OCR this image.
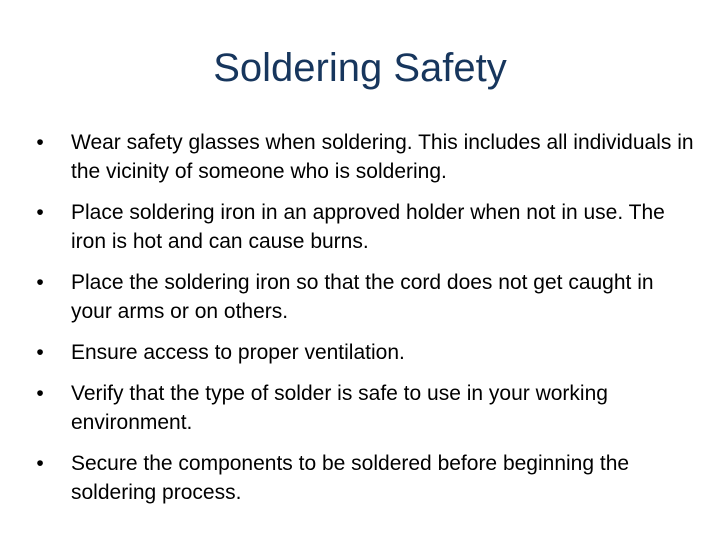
Soldering Safety
•	Wear safety glasses when soldering. This includes all individuals in the vicinity of someone who is soldering.
•	Place soldering iron in an approved holder when not in use. The iron is hot and can cause burns.
•	Place the soldering iron so that the cord does not get caught in your arms or on others.
•	Ensure access to proper ventilation.
•	Verify that the type of solder is safe to use in your working environment.
•	Secure the components to be soldered before beginning the soldering process.
